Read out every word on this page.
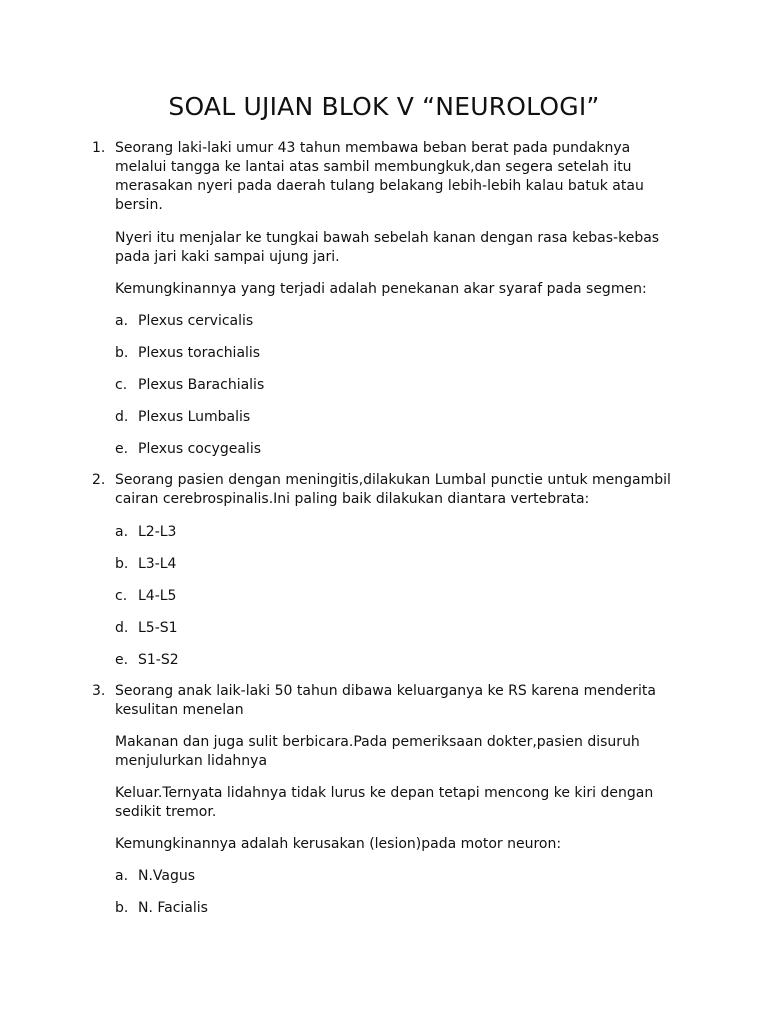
SOAL UJIAN BLOK V “NEUROLOGI”
1. Seorang laki-laki umur 43 tahun membawa beban berat pada pundaknya melalui tangga ke lantai atas sambil membungkuk,dan segera setelah itu merasakan nyeri pada daerah tulang belakang lebih-lebih kalau batuk atau bersin.

Nyeri itu menjalar ke tungkai bawah sebelah kanan dengan rasa kebas-kebas pada jari kaki sampai ujung jari.

Kemungkinannya yang terjadi adalah penekanan akar syaraf pada segmen:

a. Plexus cervicalis
b. Plexus torachialis
c. Plexus Barachialis
d. Plexus Lumbalis
e. Plexus cocygealis
2. Seorang pasien dengan meningitis,dilakukan Lumbal punctie untuk mengambil cairan cerebrospinalis.Ini paling baik dilakukan diantara vertebrata:

a. L2-L3
b. L3-L4
c. L4-L5
d. L5-S1
e. S1-S2
3. Seorang anak laik-laki 50 tahun dibawa keluarganya ke RS karena menderita kesulitan menelan

Makanan dan juga sulit berbicara.Pada pemeriksaan dokter,pasien disuruh menjulurkan lidahnya

Keluar.Ternyata lidahnya tidak lurus ke depan tetapi mencong ke kiri dengan sedikit tremor.

Kemungkinannya adalah kerusakan (lesion)pada motor neuron:

a. N.Vagus
b. N. Facialis
